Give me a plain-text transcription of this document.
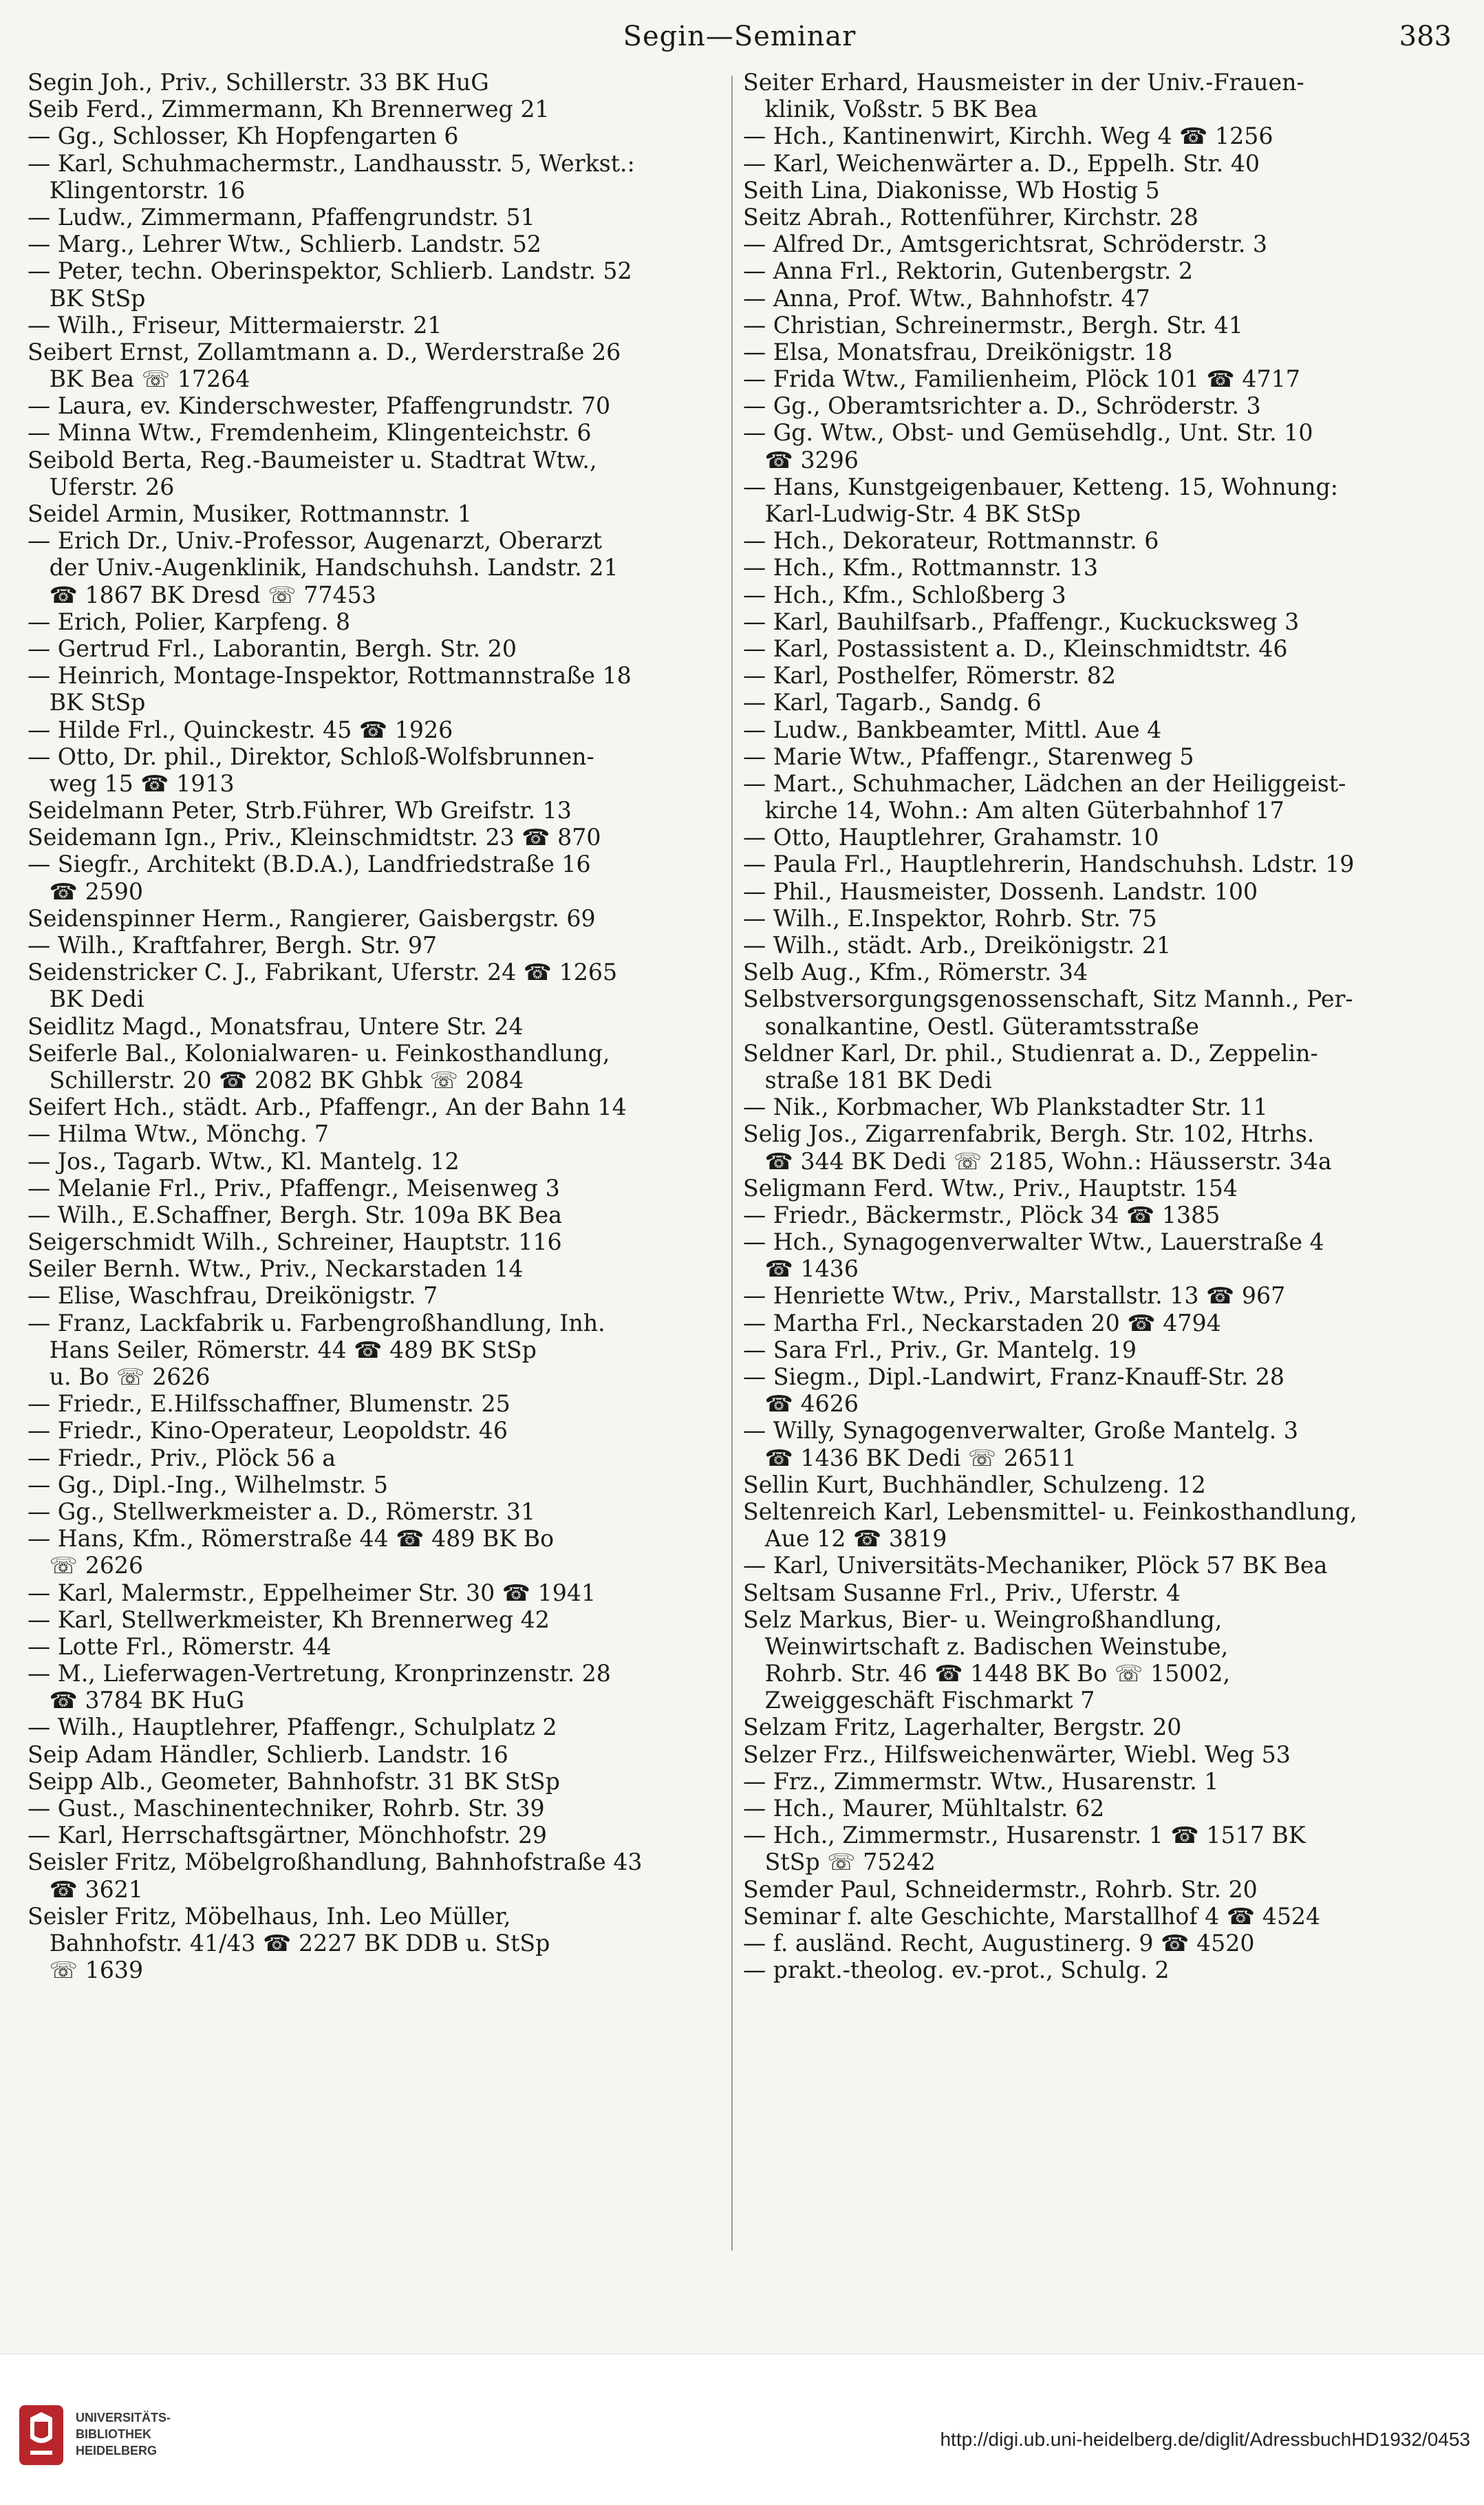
Segin—Seminar	383
Segin Joh., Priv., Schillerstr. 33 BK HuG
Seib Ferd., Zimmermann, Kh Brennerweg 21
— Gg., Schlosser, Kh Hopfengarten 6
— Karl, Schuhmachermstr., Landhausstr. 5, Werkst.:
Klingentorstr. 16
— Ludw., Zimmermann, Pfaffengrundstr. 51
— Marg., Lehrer Wtw., Schlierb. Landstr. 52
— Peter, techn. Oberinspektor, Schlierb. Landstr. 52
BK StSp
— Wilh., Friseur, Mittermaierstr. 21
Seibert Ernst, Zollamtmann a. D., Werderstraße 26
BK Bea ☏ 17264
— Laura, ev. Kinderschwester, Pfaffengrundstr. 70
— Minna Wtw., Fremdenheim, Klingenteichstr. 6
Seibold Berta, Reg.-Baumeister u. Stadtrat Wtw.,
Uferstr. 26
Seidel Armin, Musiker, Rottmannstr. 1
— Erich Dr., Univ.-Professor, Augenarzt, Oberarzt
der Univ.-Augenklinik, Handschuhsh. Landstr. 21
☎ 1867 BK Dresd ☏ 77453
— Erich, Polier, Karpfeng. 8
— Gertrud Frl., Laborantin, Bergh. Str. 20
— Heinrich, Montage-Inspektor, Rottmannstraße 18
BK StSp
— Hilde Frl., Quinckestr. 45 ☎ 1926
— Otto, Dr. phil., Direktor, Schloß-Wolfsbrunnen-
weg 15 ☎ 1913
Seidelmann Peter, Strb.Führer, Wb Greifstr. 13
Seidemann Ign., Priv., Kleinschmidtstr. 23 ☎ 870
— Siegfr., Architekt (B.D.A.), Landfriedstraße 16
☎ 2590
Seidenspinner Herm., Rangierer, Gaisbergstr. 69
— Wilh., Kraftfahrer, Bergh. Str. 97
Seidenstricker C. J., Fabrikant, Uferstr. 24 ☎ 1265
BK Dedi
Seidlitz Magd., Monatsfrau, Untere Str. 24
Seiferle Bal., Kolonialwaren- u. Feinkosthandlung,
Schillerstr. 20 ☎ 2082 BK Ghbk ☏ 2084
Seifert Hch., städt. Arb., Pfaffengr., An der Bahn 14
— Hilma Wtw., Mönchg. 7
— Jos., Tagarb. Wtw., Kl. Mantelg. 12
— Melanie Frl., Priv., Pfaffengr., Meisenweg 3
— Wilh., E.Schaffner, Bergh. Str. 109a BK Bea
Seigerschmidt Wilh., Schreiner, Hauptstr. 116
Seiler Bernh. Wtw., Priv., Neckarstaden 14
— Elise, Waschfrau, Dreikönigstr. 7
— Franz, Lackfabrik u. Farbengroßhandlung, Inh.
Hans Seiler, Römerstr. 44 ☎ 489 BK StSp
u. Bo ☏ 2626
— Friedr., E.Hilfsschaffner, Blumenstr. 25
— Friedr., Kino-Operateur, Leopoldstr. 46
— Friedr., Priv., Plöck 56 a
— Gg., Dipl.-Ing., Wilhelmstr. 5
— Gg., Stellwerkmeister a. D., Römerstr. 31
— Hans, Kfm., Römerstraße 44 ☎ 489 BK Bo
☏ 2626
— Karl, Malermstr., Eppelheimer Str. 30 ☎ 1941
— Karl, Stellwerkmeister, Kh Brennerweg 42
— Lotte Frl., Römerstr. 44
— M., Lieferwagen-Vertretung, Kronprinzenstr. 28
☎ 3784 BK HuG
— Wilh., Hauptlehrer, Pfaffengr., Schulplatz 2
Seip Adam Händler, Schlierb. Landstr. 16
Seipp Alb., Geometer, Bahnhofstr. 31 BK StSp
— Gust., Maschinentechniker, Rohrb. Str. 39
— Karl, Herrschaftsgärtner, Mönchhofstr. 29
Seisler Fritz, Möbelgroßhandlung, Bahnhofstraße 43
☎ 3621
Seisler Fritz, Möbelhaus, Inh. Leo Müller,
Bahnhofstr. 41/43 ☎ 2227 BK DDB u. StSp
☏ 1639
Seiter Erhard, Hausmeister in der Univ.-Frauen-
klinik, Voßstr. 5 BK Bea
— Hch., Kantinenwirt, Kirchh. Weg 4 ☎ 1256
— Karl, Weichenwärter a. D., Eppelh. Str. 40
Seith Lina, Diakonisse, Wb Hostig 5
Seitz Abrah., Rottenführer, Kirchstr. 28
— Alfred Dr., Amtsgerichtsrat, Schröderstr. 3
— Anna Frl., Rektorin, Gutenbergstr. 2
— Anna, Prof. Wtw., Bahnhofstr. 47
— Christian, Schreinermstr., Bergh. Str. 41
— Elsa, Monatsfrau, Dreikönigstr. 18
— Frida Wtw., Familienheim, Plöck 101 ☎ 4717
— Gg., Oberamtsrichter a. D., Schröderstr. 3
— Gg. Wtw., Obst- und Gemüsehdlg., Unt. Str. 10
☎ 3296
— Hans, Kunstgeigenbauer, Ketteng. 15, Wohnung:
Karl-Ludwig-Str. 4 BK StSp
— Hch., Dekorateur, Rottmannstr. 6
— Hch., Kfm., Rottmannstr. 13
— Hch., Kfm., Schloßberg 3
— Karl, Bauhilfsarb., Pfaffengr., Kuckucksweg 3
— Karl, Postassistent a. D., Kleinschmidtstr. 46
— Karl, Posthelfer, Römerstr. 82
— Karl, Tagarb., Sandg. 6
— Ludw., Bankbeamter, Mittl. Aue 4
— Marie Wtw., Pfaffengr., Starenweg 5
— Mart., Schuhmacher, Lädchen an der Heiliggeist-
kirche 14, Wohn.: Am alten Güterbahnhof 17
— Otto, Hauptlehrer, Grahamstr. 10
— Paula Frl., Hauptlehrerin, Handschuhsh. Ldstr. 19
— Phil., Hausmeister, Dossenh. Landstr. 100
— Wilh., E.Inspektor, Rohrb. Str. 75
— Wilh., städt. Arb., Dreikönigstr. 21
Selb Aug., Kfm., Römerstr. 34
Selbstversorgungsgenossenschaft, Sitz Mannh., Per-
sonalkantine, Oestl. Güteramtsstraße
Seldner Karl, Dr. phil., Studienrat a. D., Zeppelin-
straße 181 BK Dedi
— Nik., Korbmacher, Wb Plankstadter Str. 11
Selig Jos., Zigarrenfabrik, Bergh. Str. 102, Htrhs.
☎ 344 BK Dedi ☏ 2185, Wohn.: Häusserstr. 34a
Seligmann Ferd. Wtw., Priv., Hauptstr. 154
— Friedr., Bäckermstr., Plöck 34 ☎ 1385
— Hch., Synagogenverwalter Wtw., Lauerstraße 4
☎ 1436
— Henriette Wtw., Priv., Marstallstr. 13 ☎ 967
— Martha Frl., Neckarstaden 20 ☎ 4794
— Sara Frl., Priv., Gr. Mantelg. 19
— Siegm., Dipl.-Landwirt, Franz-Knauff-Str. 28
☎ 4626
— Willy, Synagogenverwalter, Große Mantelg. 3
☎ 1436 BK Dedi ☏ 26511
Sellin Kurt, Buchhändler, Schulzeng. 12
Seltenreich Karl, Lebensmittel- u. Feinkosthandlung,
Aue 12 ☎ 3819
— Karl, Universitäts-Mechaniker, Plöck 57 BK Bea
Seltsam Susanne Frl., Priv., Uferstr. 4
Selz Markus, Bier- u. Weingroßhandlung,
Weinwirtschaft z. Badischen Weinstube,
Rohrb. Str. 46 ☎ 1448 BK Bo ☏ 15002,
Zweiggeschäft Fischmarkt 7
Selzam Fritz, Lagerhalter, Bergstr. 20
Selzer Frz., Hilfsweichenwärter, Wiebl. Weg 53
— Frz., Zimmermstr. Wtw., Husarenstr. 1
— Hch., Maurer, Mühltalstr. 62
— Hch., Zimmermstr., Husarenstr. 1 ☎ 1517 BK
StSp ☏ 75242
Semder Paul, Schneidermstr., Rohrb. Str. 20
Seminar f. alte Geschichte, Marstallhof 4 ☎ 4524
— f. ausländ. Recht, Augustinerg. 9 ☎ 4520
— prakt.-theolog. ev.-prot., Schulg. 2
UNIVERSITÄTS-
BIBLIOTHEK
HEIDELBERG
http://digi.ub.uni-heidelberg.de/diglit/AdressbuchHD1932/0453
